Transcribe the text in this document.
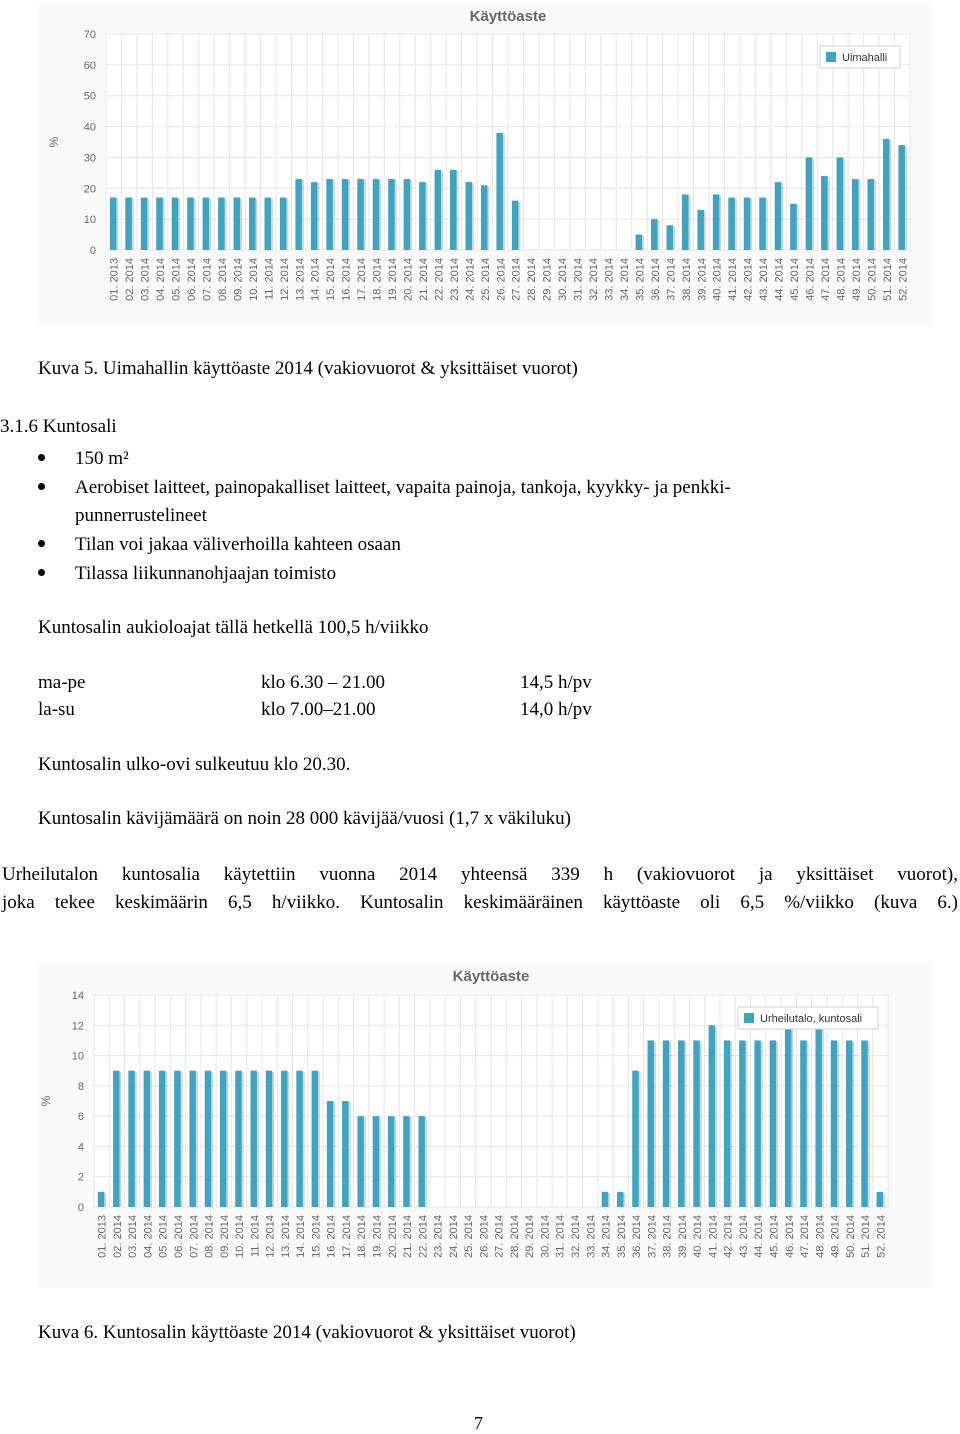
Käyttöaste
0
10
20
30
40
50
60
70
%
01. 2013 02. 2014 03. 2014 04. 2014 05. 2014 06. 2014 07. 2014 08. 2014 09. 2014 10. 2014 11. 2014 12. 2014 13. 2014 14. 2014 15. 2014 16. 2014 17. 2014 18. 2014 19. 2014 20. 2014 21. 2014 22. 2014 23. 2014 24. 2014 25. 2014 26. 2014 27. 2014 28. 2014 29. 2014 30. 2014 31. 2014 32. 2014 33. 2014 34. 2014 35. 2014 36. 2014 37. 2014 38. 2014 39. 2014 40. 2014 41. 2014 42. 2014 43. 2014 44. 2014 45. 2014 46. 2014 47. 2014 48. 2014 49. 2014 50. 2014 51. 2014 52. 2014
Uimahalli
Kuva 5. Uimahallin käyttöaste 2014 (vakiovuorot & yksittäiset vuorot)
3.1.6 Kuntosali
150 m²
Aerobiset laitteet, painopakalliset laitteet, vapaita painoja, tankoja, kyykky- ja penkki-
punnerrustelineet
Tilan voi jakaa väliverhoilla kahteen osaan
Tilassa liikunnanohjaajan toimisto
Kuntosalin aukioloajat tällä hetkellä 100,5 h/viikko
ma-pe	klo 6.30 – 21.00	14,5 h/pv
la-su	klo 7.00–21.00	14,0 h/pv
Kuntosalin ulko-ovi sulkeutuu klo 20.30.
Kuntosalin kävijämäärä on noin 28 000 kävijää/vuosi (1,7 x väkiluku)
Urheilutalon kuntosalia käytettiin vuonna 2014 yhteensä 339 h (vakiovuorot ja yksittäiset vuorot),
joka tekee keskimäärin 6,5 h/viikko. Kuntosalin keskimääräinen käyttöaste oli 6,5 %/viikko (kuva 6.)
Käyttöaste
0
2
4
6
8
10
12
14
%
01. 2013 02. 2014 03. 2014 04. 2014 05. 2014 06. 2014 07. 2014 08. 2014 09. 2014 10. 2014 11. 2014 12. 2014 13. 2014 14. 2014 15. 2014 16. 2014 17. 2014 18. 2014 19. 2014 20. 2014 21. 2014 22. 2014 23. 2014 24. 2014 25. 2014 26. 2014 27. 2014 28. 2014 29. 2014 30. 2014 31. 2014 32. 2014 33. 2014 34. 2014 35. 2014 36. 2014 37. 2014 38. 2014 39. 2014 40. 2014 41. 2014 42. 2014 43. 2014 44. 2014 45. 2014 46. 2014 47. 2014 48. 2014 49. 2014 50. 2014 51. 2014 52. 2014
Urheilutalo, kuntosali
Kuva 6. Kuntosalin käyttöaste 2014 (vakiovuorot & yksittäiset vuorot)
7
